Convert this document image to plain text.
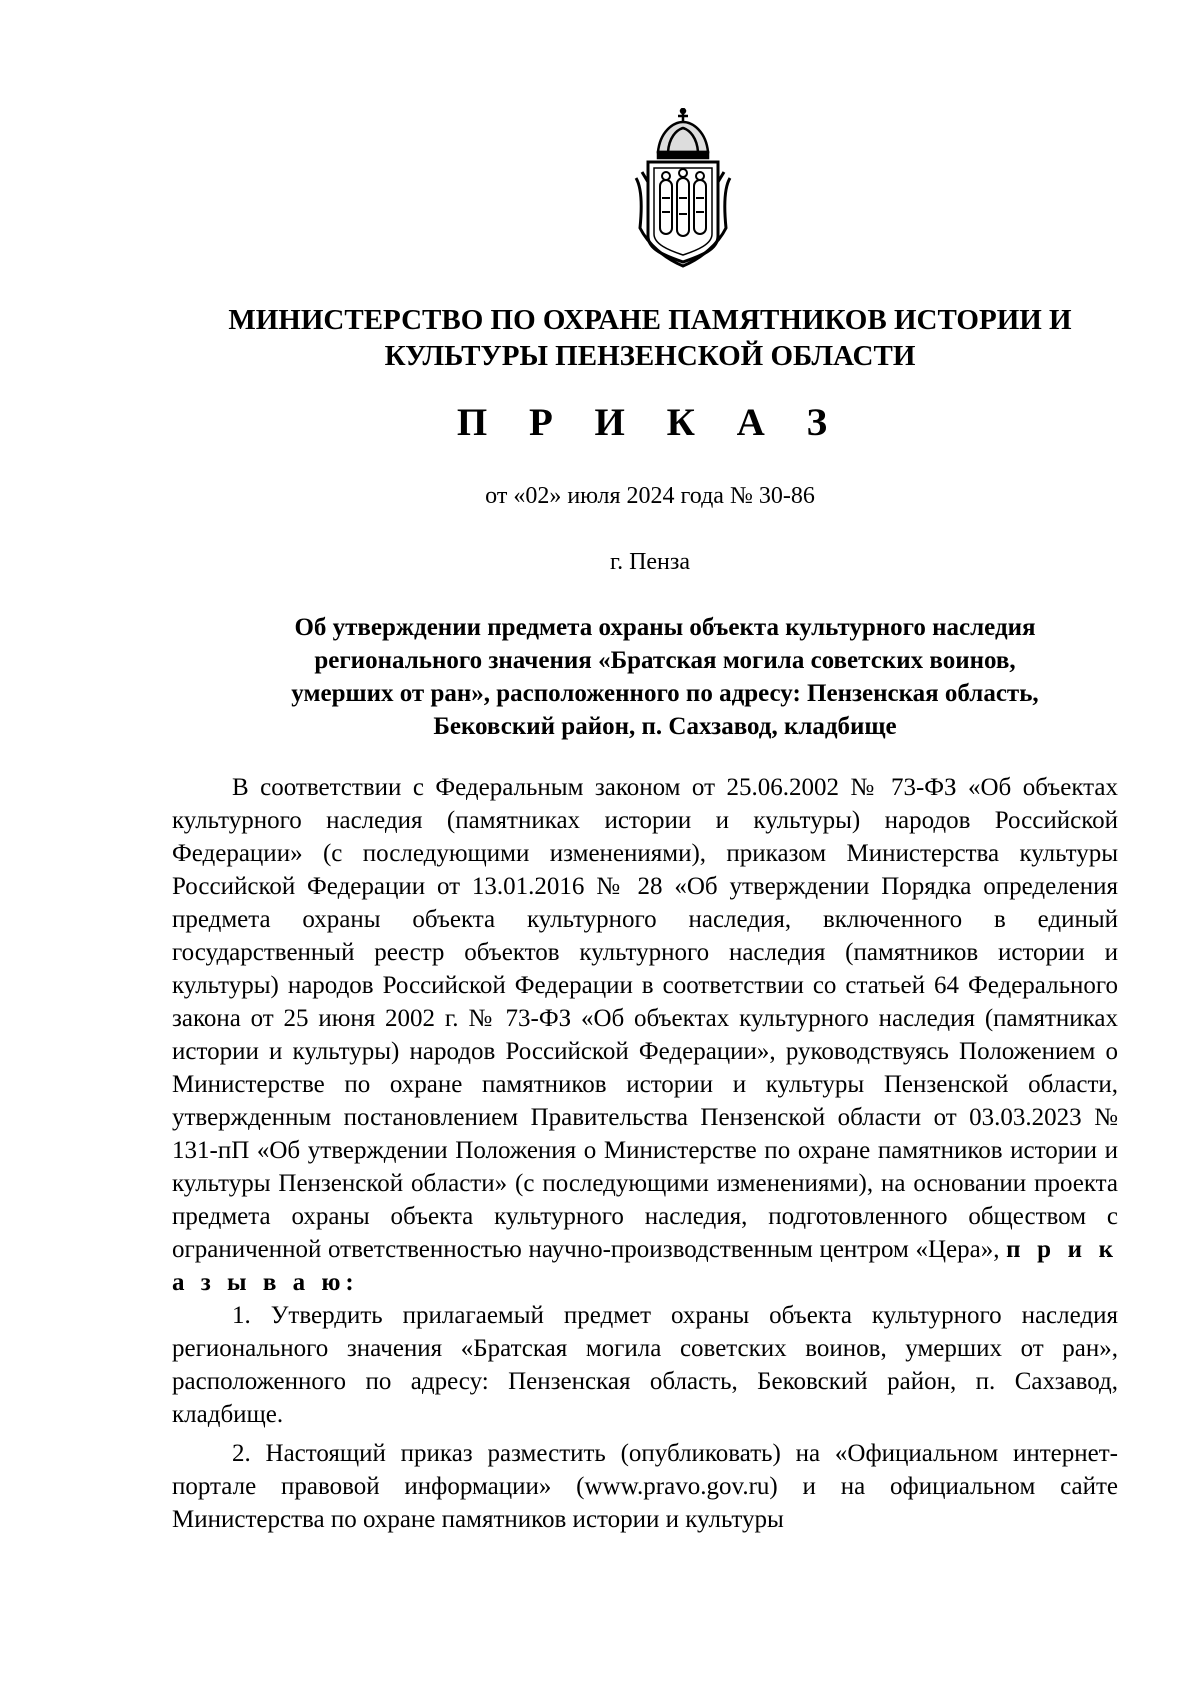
МИНИСТЕРСТВО ПО ОХРАНЕ ПАМЯТНИКОВ ИСТОРИИ И
КУЛЬТУРЫ ПЕНЗЕНСКОЙ ОБЛАСТИ
П Р И К А З
от «02» июля 2024 года № 30-86
г. Пенза
Об утверждении предмета охраны объекта культурного наследия
регионального значения «Братская могила советских воинов,
умерших от ран», расположенного по адресу: Пензенская область,
Бековский район, п. Сахзавод, кладбище

В соответствии с Федеральным законом от 25.06.2002 № 73-ФЗ «Об объектах культурного наследия (памятниках истории и культуры) народов Российской Федерации» (с последующими изменениями), приказом Министерства культуры Российской Федерации от 13.01.2016 № 28 «Об утверждении Порядка определения предмета охраны объекта культурного наследия, включенного в единый государственный реестр объектов культурного наследия (памятников истории и культуры) народов Российской Федерации в соответствии со статьей 64 Федерального закона от 25 июня 2002 г. № 73-ФЗ «Об объектах культурного наследия (памятниках истории и культуры) народов Российской Федерации», руководствуясь Положением о Министерстве по охране памятников истории и культуры Пензенской области, утвержденным постановлением Правительства Пензенской области от 03.03.2023 № 131-пП «Об утверждении Положения о Министерстве по охране памятников истории и культуры Пензенской области» (с последующими изменениями), на основании проекта предмета охраны объекта культурного наследия, подготовленного обществом с ограниченной ответственностью научно-производственным центром «Цера», п р и к а з ы в а ю:

1. Утвердить прилагаемый предмет охраны объекта культурного наследия регионального значения «Братская могила советских воинов, умерших от ран», расположенного по адресу: Пензенская область, Бековский район, п. Сахзавод, кладбище.

2. Настоящий приказ разместить (опубликовать) на «Официальном интернет-портале правовой информации» (www.pravo.gov.ru) и на официальном сайте Министерства по охране памятников истории и культуры
